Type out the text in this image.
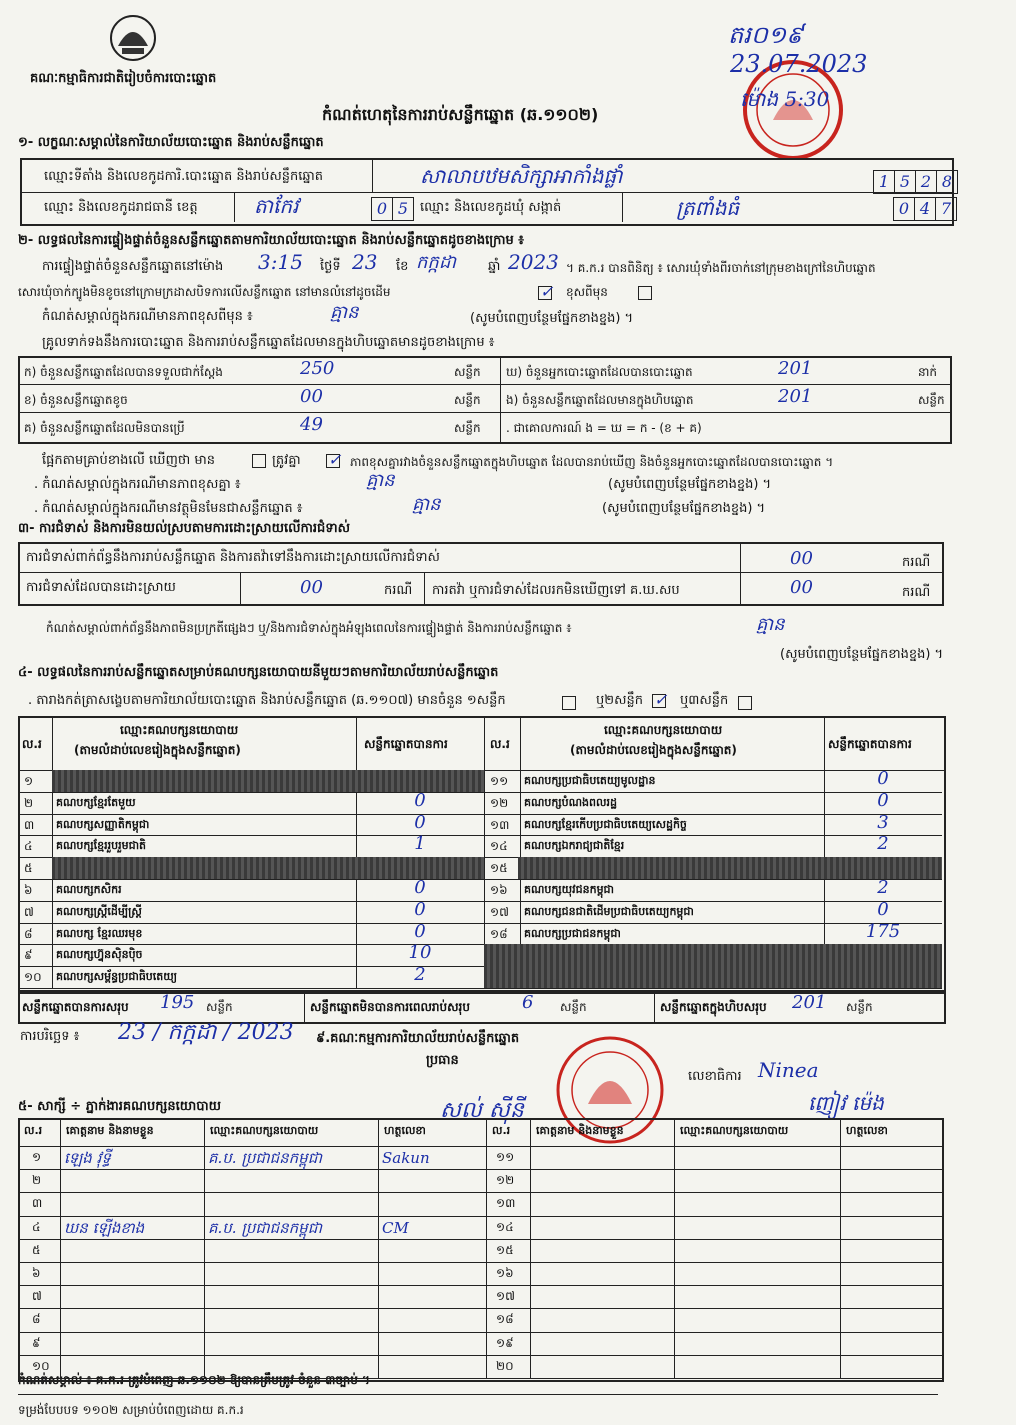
គណៈកម្មាធិការជាតិរៀបចំការបោះឆ្នោត
កំណត់ហេតុនៃការរាប់សន្លឹកឆ្នោត (ឆ.១១០២)
តរ០១៩
23.07.2023
ម៉ោង 5:30
១- លក្ខណៈសម្គាល់នៃការិយាល័យបោះឆ្នោត និងរាប់សន្លឹកឆ្នោត
ឈ្មោះទីតាំង និងលេខកូដការិ.បោះឆ្នោត និងរាប់សន្លឹកឆ្នោត	សាលាបឋមសិក្សាអាកាំងផ្លាំ	1 5 2 8
ឈ្មោះ និងលេខកូដរាជធានី ខេត្ត	តាកែវ	0 5 ឈ្មោះ និងលេខកូដឃុំ សង្កាត់	ត្រពាំងធំ	0 4 7
២- លទ្ធផលនៃការផ្ទៀងផ្ទាត់ចំនួនសន្លឹកឆ្នោតតាមការិយាល័យបោះឆ្នោត និងរាប់សន្លឹកឆ្នោតដូចខាងក្រោម ៖
ការផ្ទៀងផ្ទាត់ចំនួនសន្លឹកឆ្នោតនៅម៉ោង 3:15 ថ្ងៃទី 23 ខែ កក្កដា ឆ្នាំ 2023 ។ គ.ក.រ បានពិនិត្យ ៖ សោរឃុំទាំងពីរចាក់នៅក្រុមខាងក្រៅនៃហិបឆ្នោត
សោរឃុំចាក់ក្បូងមិនខូចនៅក្រោមក្រដាសបិទការលើសន្លឹកឆ្នោត នៅមានលំនៅដូចដើម	✓ ខុសពីមុន
កំណត់សម្គាល់ក្នុងករណីមានភាពខុសពីមុន ៖	គ្មាន	(សូមបំពេញបន្ថែមផ្នែកខាងខ្នង) ។
គ្រូលទាក់ទងនឹងការបោះឆ្នោត និងការរាប់សន្លឹកឆ្នោតដែលមានក្នុងហិបឆ្នោតមានដូចខាងក្រោម ៖
ផ្អែកតាមគ្រាប់ខាងលើ ឃើញថា មាន	ត្រូវគ្នា ✓ ភាពខុសគ្នារវាងចំនួនសន្លឹកឆ្នោតក្នុងហិបឆ្នោត ដែលបានរាប់ឃើញ និងចំនួនអ្នកបោះឆ្នោតដែលបានបោះឆ្នោត ។
. កំណត់សម្គាល់ក្នុងករណីមានភាពខុសគ្នា ៖	គ្មាន	(សូមបំពេញបន្ថែមផ្នែកខាងខ្នង) ។
. កំណត់សម្គាល់ក្នុងករណីមានវត្ថុមិនមែនជាសន្លឹកឆ្នោត ៖	គ្មាន	(សូមបំពេញបន្ថែមផ្នែកខាងខ្នង) ។
៣- ការជំទាស់ និងការមិនយល់ស្របតាមការដោះស្រាយលើការជំទាស់
ការជំទាស់ពាក់ព័ន្ធនឹងការរាប់សន្លឹកឆ្នោត និងការតវ៉ាទៅនឹងការដោះស្រាយលើការជំទាស់	00	ករណី
ការជំទាស់ដែលបានដោះស្រាយ	00	ករណី ការតវ៉ា ឬការជំទាស់ដែលរកមិនឃើញទៅ គ.ឃ.សប	00	ករណី
កំណត់សម្គាល់ពាក់ព័ន្ធនឹងភាពមិនប្រក្រតីផ្សេងៗ ឬ/និងការជំទាស់ក្នុងអំឡុងពេលនៃការផ្ទៀងផ្ទាត់ និងការរាប់សន្លឹកឆ្នោត ៖	គ្មាន
(សូមបំពេញបន្ថែមផ្នែកខាងខ្នង) ។
៤- លទ្ធផលនៃការរាប់សន្លឹកឆ្នោតសម្រាប់គណបក្សនយោបាយនីមួយៗតាមការិយាល័យរាប់សន្លឹកឆ្នោត
. តារាងកត់ត្រាសង្ខេបតាមការិយាល័យបោះឆ្នោត និងរាប់សន្លឹកឆ្នោត (ឆ.១១០៧) មានចំនួន ១សន្លឹក	ឬ២សន្លឹក ✓ ឬ៣សន្លឹក
សន្លឹកឆ្នោតបានការសរុប 195 សន្លឹក	សន្លឹកឆ្នោតមិនបានការពេលរាប់សរុប	6 សន្លឹក	សន្លឹកឆ្នោតក្នុងហិបសរុប 201 សន្លឹក
ការបរិច្ឆេទ ៖ 23 / កក្កដា / 2023 ៩.គណៈកម្មការការិយាល័យរាប់សន្លឹកឆ្នោត
ប្រធាន
សល់ ស៊ីនី
លេខាធិការ Ninea
ញៀវ ម៉េង
៥- សាក្សី ÷ ភ្នាក់ងារគណបក្សនយោបាយ
កំណត់សម្គាល់ ៖ គ.ក.រ ត្រូវបំពេញ ឆ.១១០២ ឱ្យបានត្រឹមត្រូវ ចំនួន ៣ច្បាប់ ។
ទម្រង់បែបបទ ១១០២ សម្រាប់បំពេញដោយ គ.ក.រ
ក) ចំនួនសន្លឹកឆ្នោតដែលបានទទួលជាក់ស្តែង	250	សន្លឹក
ខ) ចំនួនសន្លឹកឆ្នោតខូច	00	សន្លឹក
គ) ចំនួនសន្លឹកឆ្នោតដែលមិនបានប្រើ	49	សន្លឹក
ឃ) ចំនួនអ្នកបោះឆ្នោតដែលបានបោះឆ្នោត	201	នាក់
ង) ចំនួនសន្លឹកឆ្នោតដែលមានក្នុងហិបឆ្នោត	201	សន្លឹក
. ជាគោលការណ៍ ង = ឃ = ក - (ខ + គ)
ល.រ
ឈ្មោះគណបក្សនយោបាយ
(តាមលំដាប់លេខរៀងក្នុងសន្លឹកឆ្នោត)	សន្លឹកឆ្នោតបានការ	ល.រ
ឈ្មោះគណបក្សនយោបាយ
(តាមលំដាប់លេខរៀងក្នុងសន្លឹកឆ្នោត)	សន្លឹកឆ្នោតបានការ
១
២ គណបក្សខ្មែរតែមួយ	0
៣ គណបក្សសញ្ញាតិកម្ពុជា	0
៤ គណបក្សខ្មែររួបរួមជាតិ	1
៥
៦ គណបក្សកសិករ	0
៧ គណបក្សស្ត្រីដើម្បីស្ត្រី	0
៨ គណបក្ស ខ្មែរឈរមុខ	0
៩ គណបក្សហ្វ៊ុនស៊ិនប៉ិច	10
១០ គណបក្សសម្ព័ន្ធប្រជាធិបតេយ្យ	2
១១ គណបក្សប្រជាធិបតេយ្យមូលដ្ឋាន	0
១២ គណបក្សបំណងពលរដ្ឋ	0
១៣ គណបក្សខ្មែរកើបប្រជាធិបតេយ្យសេដ្ឋកិច្ច	3
១៤ គណបក្សឯករាជ្យជាតិខ្មែរ	2
១៥
១៦ គណបក្សយុវជនកម្ពុជា	2
១៧ គណបក្សជនជាតិដើមប្រជាធិបតេយ្យកម្ពុជា	0
១៨ គណបក្សប្រជាជនកម្ពុជា	175
ល.រ គោត្តនាម និងនាមខ្លួន	ឈ្មោះគណបក្សនយោបាយ	ហត្ថលេខា	ល.រ គោត្តនាម និងនាមខ្លួន	ឈ្មោះគណបក្សនយោបាយ	ហត្ថលេខា
១ ឡេង វុទ្ធី	គ.ប. ប្រជាជនកម្ពុជា	Sakun	១១
២	១២
៣	១៣
៤ ឃន ឡើងខាង	គ.ប. ប្រជាជនកម្ពុជា	CM	១៤
៥	១៥
៦	១៦
៧	១៧
៨	១៨
៩	១៩
១០	២០
